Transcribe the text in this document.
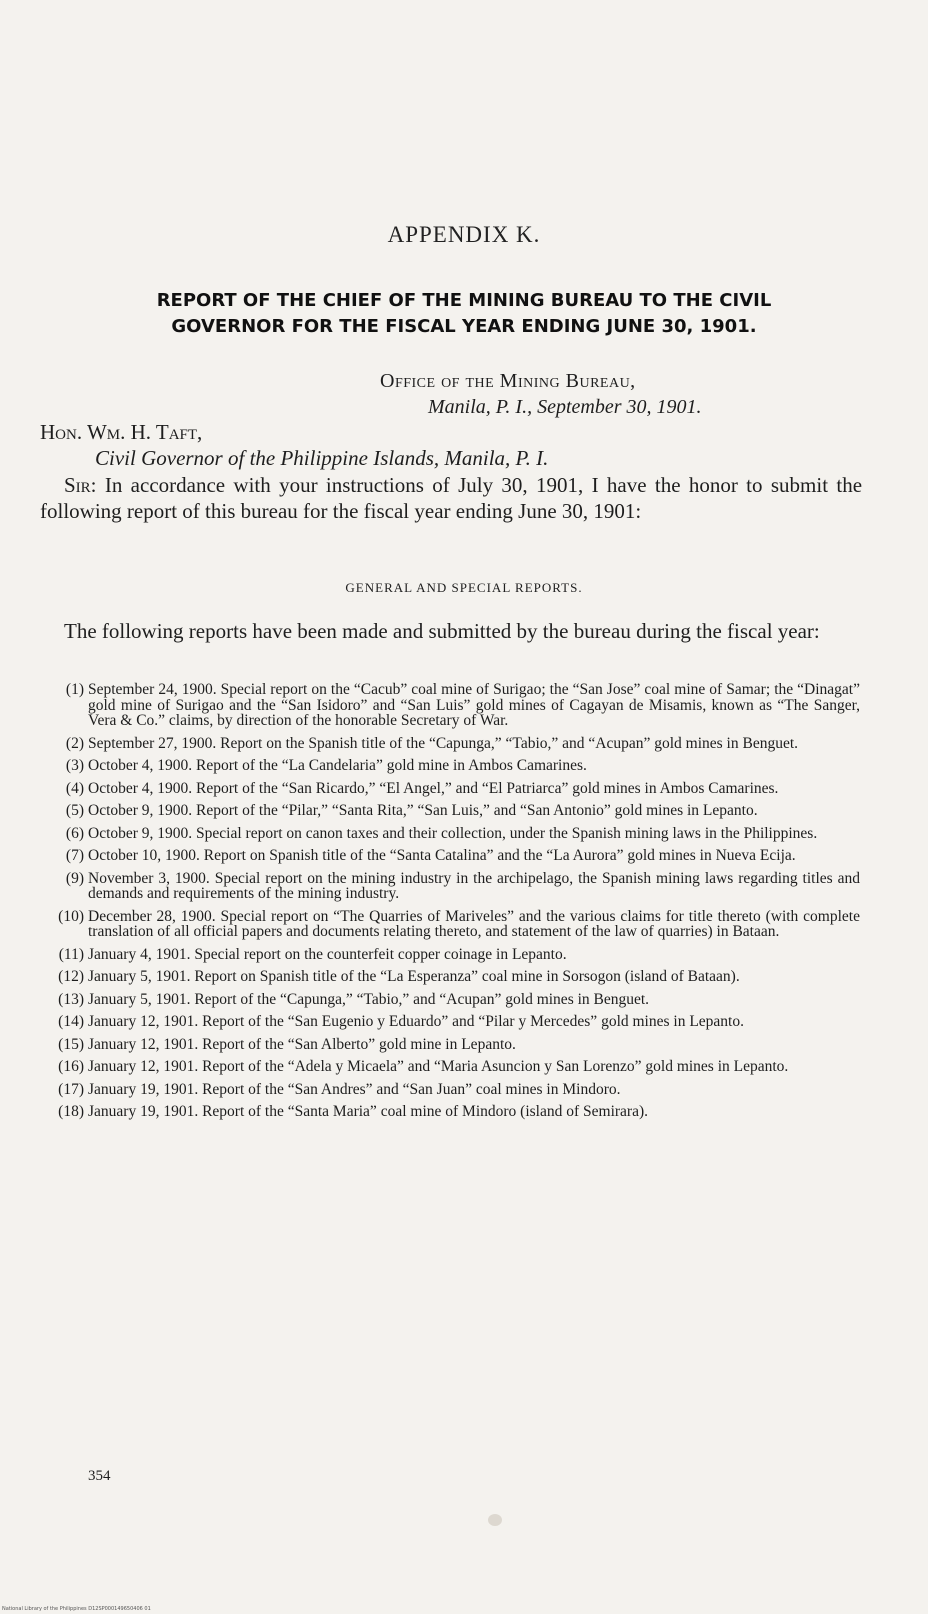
APPENDIX K.
REPORT OF THE CHIEF OF THE MINING BUREAU TO THE CIVIL
GOVERNOR FOR THE FISCAL YEAR ENDING JUNE 30, 1901.
Office of the Mining Bureau,
Manila, P. I., September 30, 1901.
Hon. Wm. H. Taft,
Civil Governor of the Philippine Islands, Manila, P. I.
Sir: In accordance with your instructions of July 30, 1901, I have the honor to submit the following report of this bureau for the fiscal year ending June 30, 1901:
GENERAL AND SPECIAL REPORTS.
The following reports have been made and submitted by the bureau during the fiscal year:
(1) September 24, 1900. Special report on the “Cacub” coal mine of Surigao; the “San Jose” coal mine of Samar; the “Dinagat” gold mine of Surigao and the “San Isidoro” and “San Luis” gold mines of Cagayan de Misamis, known as “The Sanger, Vera & Co.” claims, by direction of the honorable Secretary of War.
(2) September 27, 1900. Report on the Spanish title of the “Capunga,” “Tabio,” and “Acupan” gold mines in Benguet.
(3) October 4, 1900. Report of the “La Candelaria” gold mine in Ambos Camarines.
(4) October 4, 1900. Report of the “San Ricardo,” “El Angel,” and “El Patriarca” gold mines in Ambos Camarines.
(5) October 9, 1900. Report of the “Pilar,” “Santa Rita,” “San Luis,” and “San Antonio” gold mines in Lepanto.
(6) October 9, 1900. Special report on canon taxes and their collection, under the Spanish mining laws in the Philippines.
(7) October 10, 1900. Report on Spanish title of the “Santa Catalina” and the “La Aurora” gold mines in Nueva Ecija.
(9) November 3, 1900. Special report on the mining industry in the archipelago, the Spanish mining laws regarding titles and demands and requirements of the mining industry.
(10) December 28, 1900. Special report on “The Quarries of Mariveles” and the various claims for title thereto (with complete translation of all official papers and documents relating thereto, and statement of the law of quarries) in Bataan.
(11) January 4, 1901. Special report on the counterfeit copper coinage in Lepanto.
(12) January 5, 1901. Report on Spanish title of the “La Esperanza” coal mine in Sorsogon (island of Bataan).
(13) January 5, 1901. Report of the “Capunga,” “Tabio,” and “Acupan” gold mines in Benguet.
(14) January 12, 1901. Report of the “San Eugenio y Eduardo” and “Pilar y Mercedes” gold mines in Lepanto.
(15) January 12, 1901. Report of the “San Alberto” gold mine in Lepanto.
(16) January 12, 1901. Report of the “Adela y Micaela” and “Maria Asuncion y San Lorenzo” gold mines in Lepanto.
(17) January 19, 1901. Report of the “San Andres” and “San Juan” coal mines in Mindoro.
(18) January 19, 1901. Report of the “Santa Maria” coal mine of Mindoro (island of Semirara).
354
National Library of the Philippines D12SP000149650406 01
